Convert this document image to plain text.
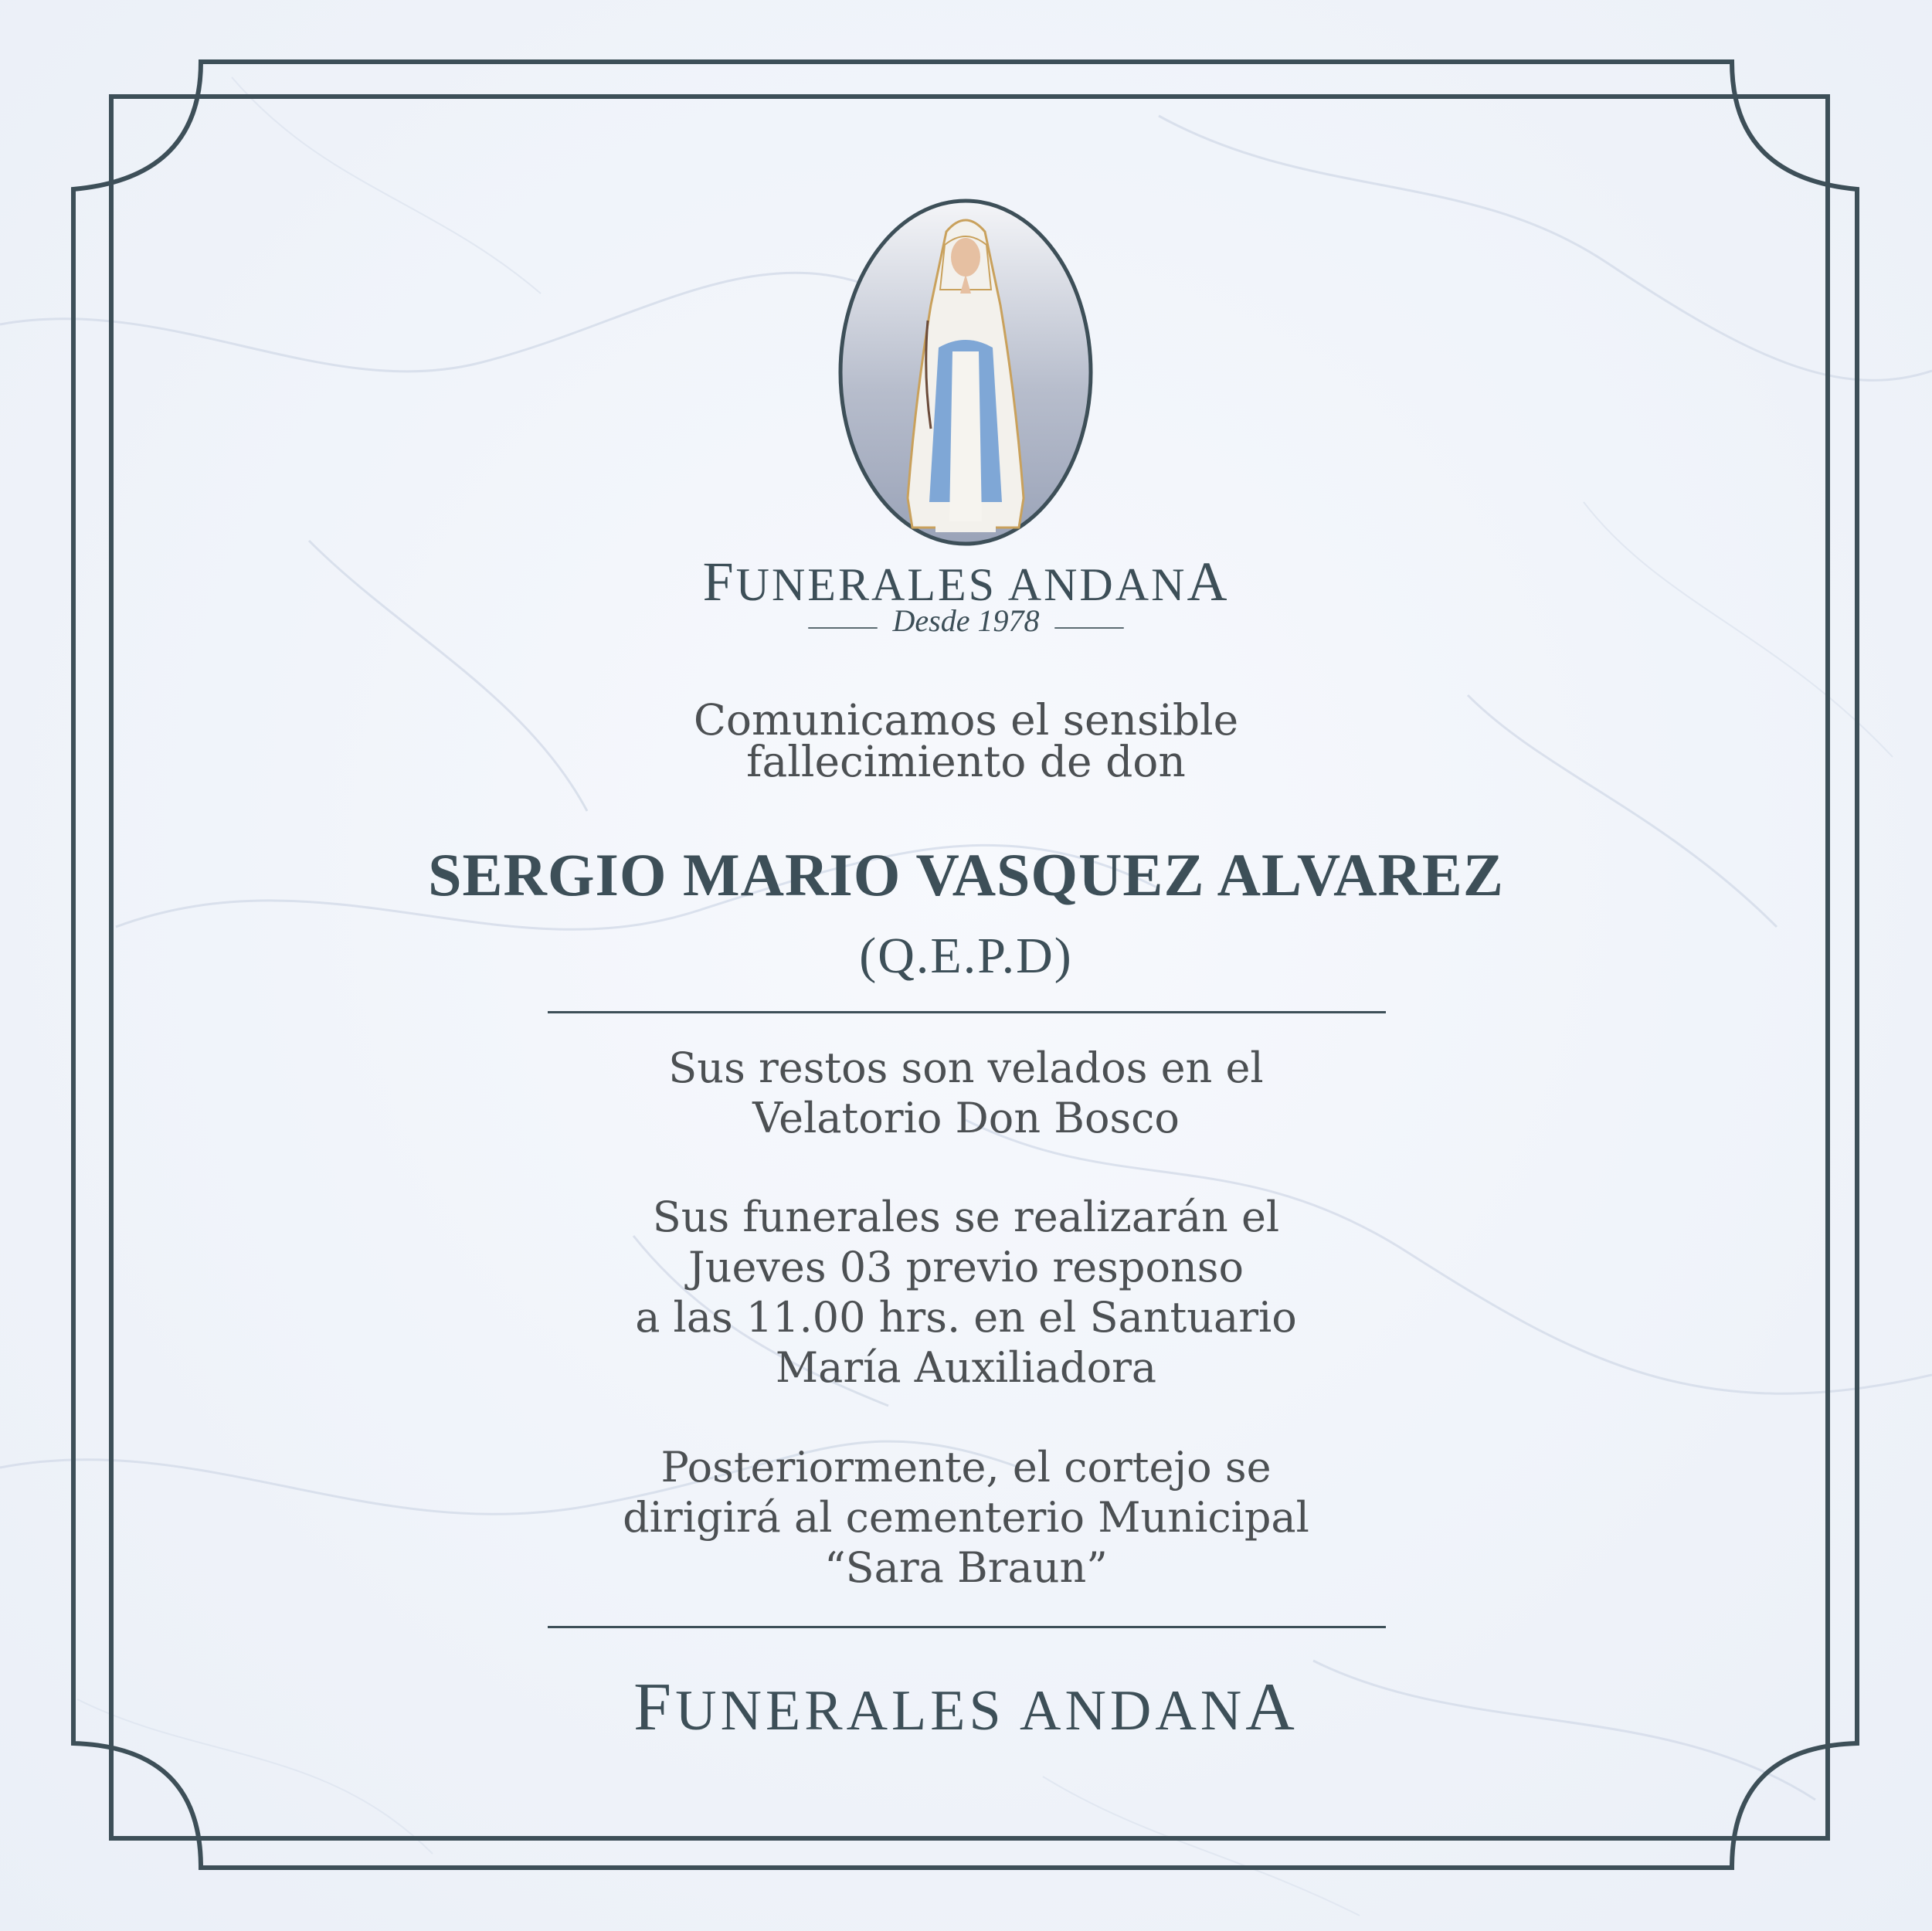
FUNERALES ANDANA
Desde 1978
Comunicamos el sensible
fallecimiento de don
SERGIO MARIO VASQUEZ ALVAREZ
(Q.E.P.D)
Sus restos son velados en el
Velatorio Don Bosco
Sus funerales se realizarán el
Jueves 03 previo responso
a las 11.00 hrs. en el Santuario
María Auxiliadora
Posteriormente, el cortejo se
dirigirá al cementerio Municipal
“Sara Braun”
FUNERALES ANDANA
